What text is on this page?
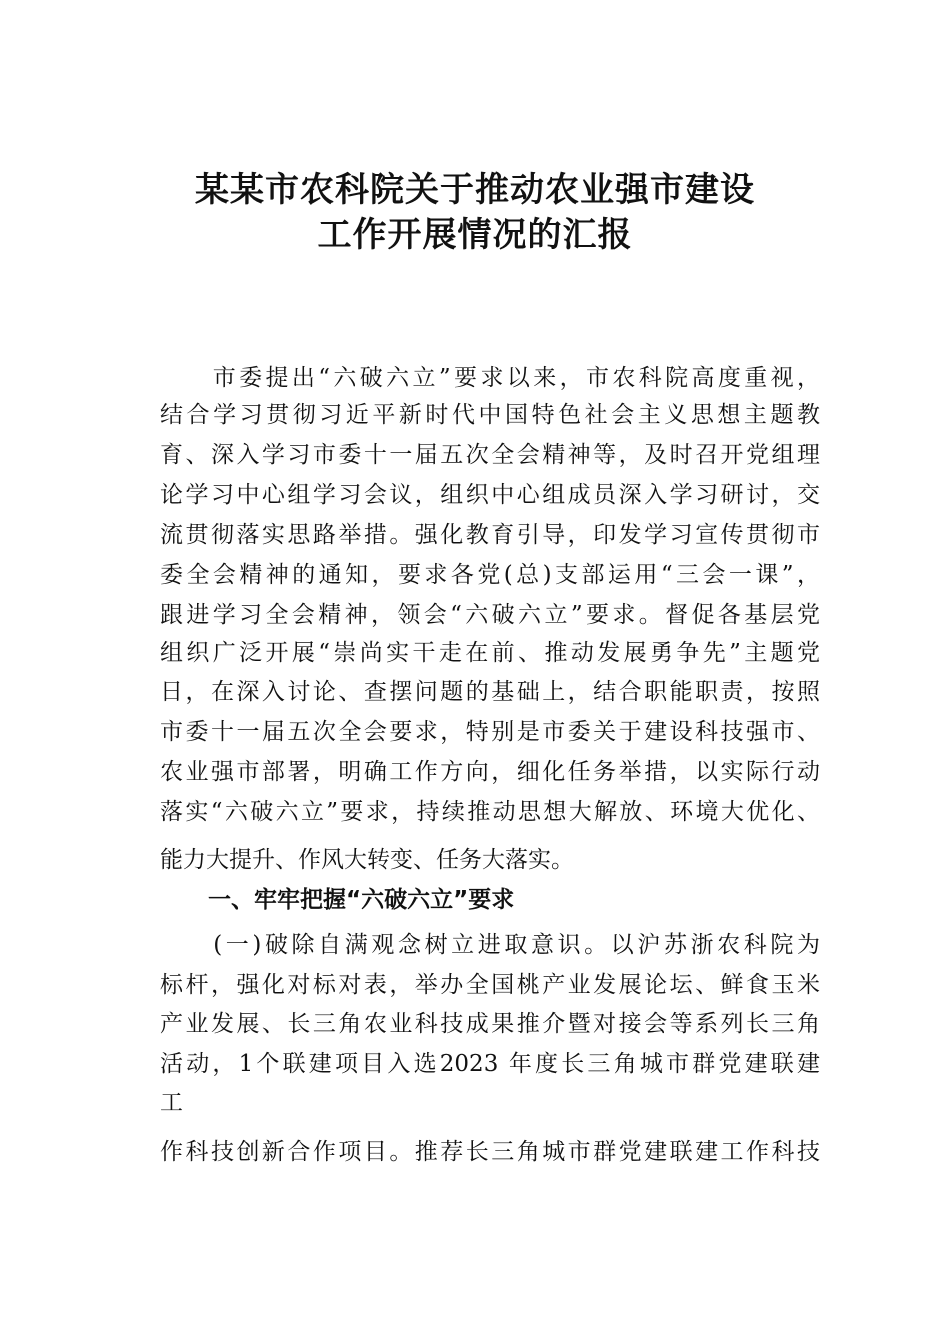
某某市农科院关于推动农业强市建设
工作开展情况的汇报
　　市委提出“六破六立”要求以来，市农科院高度重视，
结合学习贯彻习近平新时代中国特色社会主义思想主题教
育、深入学习市委十一届五次全会精神等，及时召开党组理
论学习中心组学习会议，组织中心组成员深入学习研讨，交
流贯彻落实思路举措。强化教育引导，印发学习宣传贯彻市
委全会精神的通知，要求各党(总)支部运用“三会一课”，
跟进学习全会精神，领会“六破六立”要求。督促各基层党
组织广泛开展“崇尚实干走在前、推动发展勇争先”主题党
日，在深入讨论、查摆问题的基础上，结合职能职责，按照
市委十一届五次全会要求，特别是市委关于建设科技强市、
农业强市部署，明确工作方向，细化任务举措，以实际行动
落实“六破六立”要求，持续推动思想大解放、环境大优化、
能力大提升、作风大转变、任务大落实。
一、牢牢把握“六破六立”要求
　　(一)破除自满观念树立进取意识。以沪苏浙农科院为
标杆，强化对标对表，举办全国桃产业发展论坛、鲜食玉米
产业发展、长三角农业科技成果推介暨对接会等系列长三角
活动，1个联建项目入选2023 年度长三角城市群党建联建
工
作科技创新合作项目。推荐长三角城市群党建联建工作科技
